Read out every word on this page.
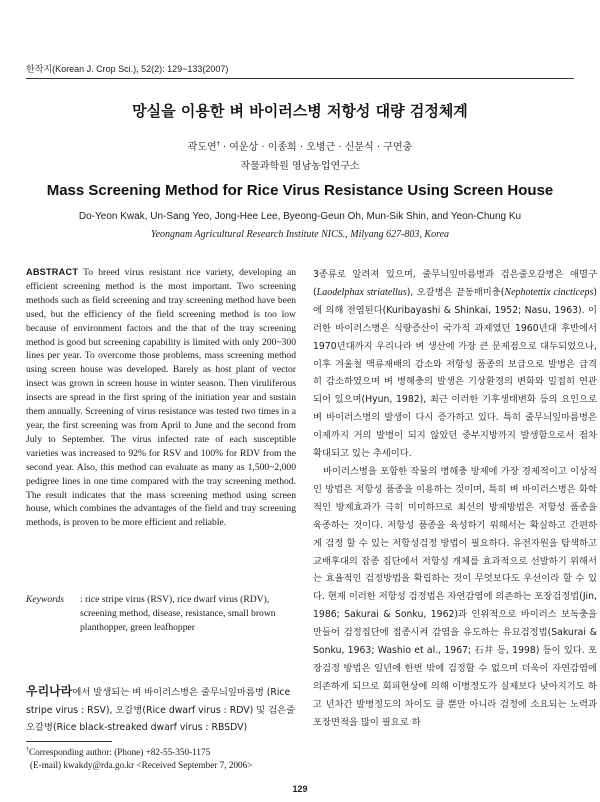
한작지(Korean J. Crop Sci.), 52(2): 129~133(2007)
망실을 이용한 벼 바이러스병 저항성 대량 검정체계
곽도연† · 여운상 · 이종희 · 오병근 · 신문식 · 구연충
작물과학원 영남농업연구소
Mass Screening Method for Rice Virus Resistance Using Screen House
Do-Yeon Kwak, Un-Sang Yeo, Jong-Hee Lee, Byeong-Geun Oh, Mun-Sik Shin, and Yeon-Chung Ku
Yeongnam Agricultural Research Institute NICS., Milyang 627-803, Korea
ABSTRACT To breed virus resistant rice variety, developing an efficient screening method is the most important. Two screening methods such as field screening and tray screening method have been used, but the efficiency of the field screening method is too low because of environment factors and the that of the tray screening method is good but screening capability is limited with only 200~300 lines per year. To overcome those problems, mass screening method using screen house was developed. Barely as host plant of vector insect was grown in screen house in winter season. Then viruliferous insects are spread in the first spring of the initiation year and sustain them annually. Screening of virus resistance was tested two times in a year, the first screening was from April to June and the second from July to September. The virus infected rate of each susceptible varieties was increased to 92% for RSV and 100% for RDV from the second year. Also, this method can evaluate as many as 1,500~2,000 pedigree lines in one time compared with the tray screening method. The result indicates that the mass screening method using screen house, which combines the advantages of the field and tray screening methods, is proven to be more efficient and reliable.
Keywords	: rice stripe virus (RSV), rice dwarf virus (RDV), screening method, disease, resistance, small brown planthopper, green leafhopper
우리나라에서 발생되는 벼 바이러스병은 줄무늬잎마름병 (Rice stripe virus : RSV), 오갈병(Rice dwarf virus : RDV) 및 검은줄오갈병(Rice black-streaked dwarf virus : RBSDV)
†Corresponding author: (Phone) +82-55-350-1175
(E-mail) kwakdy@rda.go.kr <Received September 7, 2006>

3종류로 알려져 있으며, 줄무늬잎마름병과 검은줄오갈병은 애멸구(Laodelphax striatellus), 오갈병은 끝동매미충(Nephotettix cincticeps)에 의해 전염된다(Kuribayashi & Shinkai, 1952; Nasu, 1963). 이러한 바이러스병은 식량증산이 국가적 과제였던 1960년대 후반에서 1970년대까지 우리나라 벼 생산에 가장 큰 문제점으로 대두되었으나, 이후 겨울철 맥류재배의 감소와 저항성 품종의 보급으로 발병은 급격히 감소하였으며 벼 병해충의 발생은 기상환경의 변화와 밀접히 연관되어 있으며(Hyun, 1982), 최근 이러한 기후생태변화 등의 요인으로 벼 바이러스병의 발생이 다시 증가하고 있다. 특히 줄무늬잎마름병은 이제까지 거의 발병이 되지 않았던 중부지방까지 발생함으로서 점차 확대되고 있는 추세이다.

바이러스병을 포함한 작물의 병해충 방제에 가장 경제적이고 이상적인 방법은 저항성 품종을 이용하는 것이며, 특히 벼 바이러스병은 화학적인 방제효과가 극히 미미하므로 최선의 방제방법은 저항성 품종을 육종하는 것이다. 저항성 품종을 육성하기 위해서는 확실하고 간편하게 검정 할 수 있는 저항성검정 방법이 필요하다. 유전자원을 탐색하고 교배후대의 잡종 집단에서 저항성 개체를 효과적으로 선발하기 위해서는 효율적인 검정방법을 확립하는 것이 무엇보다도 우선이라 할 수 있다. 현재 이러한 저항성 검정법은 자연감염에 의존하는 포장검정법(Jin, 1986; Sakurai & Sonku, 1962)과 인위적으로 바이러스 보독충을 만들어 검정집단에 접종시켜 감염을 유도하는 유묘검정법(Sakurai & Sonku, 1963; Washio et al., 1967; 石井 등, 1998) 등이 있다. 포장검정 방법은 일년에 한번 밖에 검정할 수 없으며 더욱이 자연감염에 의존하게 되므로 회피현상에 의해 이병정도가 실제보다 낮아지기도 하고 년차간 발병정도의 차이도 클 뿐만 아니라 검정에 소요되는 노력과 포장면적을 많이 필요로 하

129
